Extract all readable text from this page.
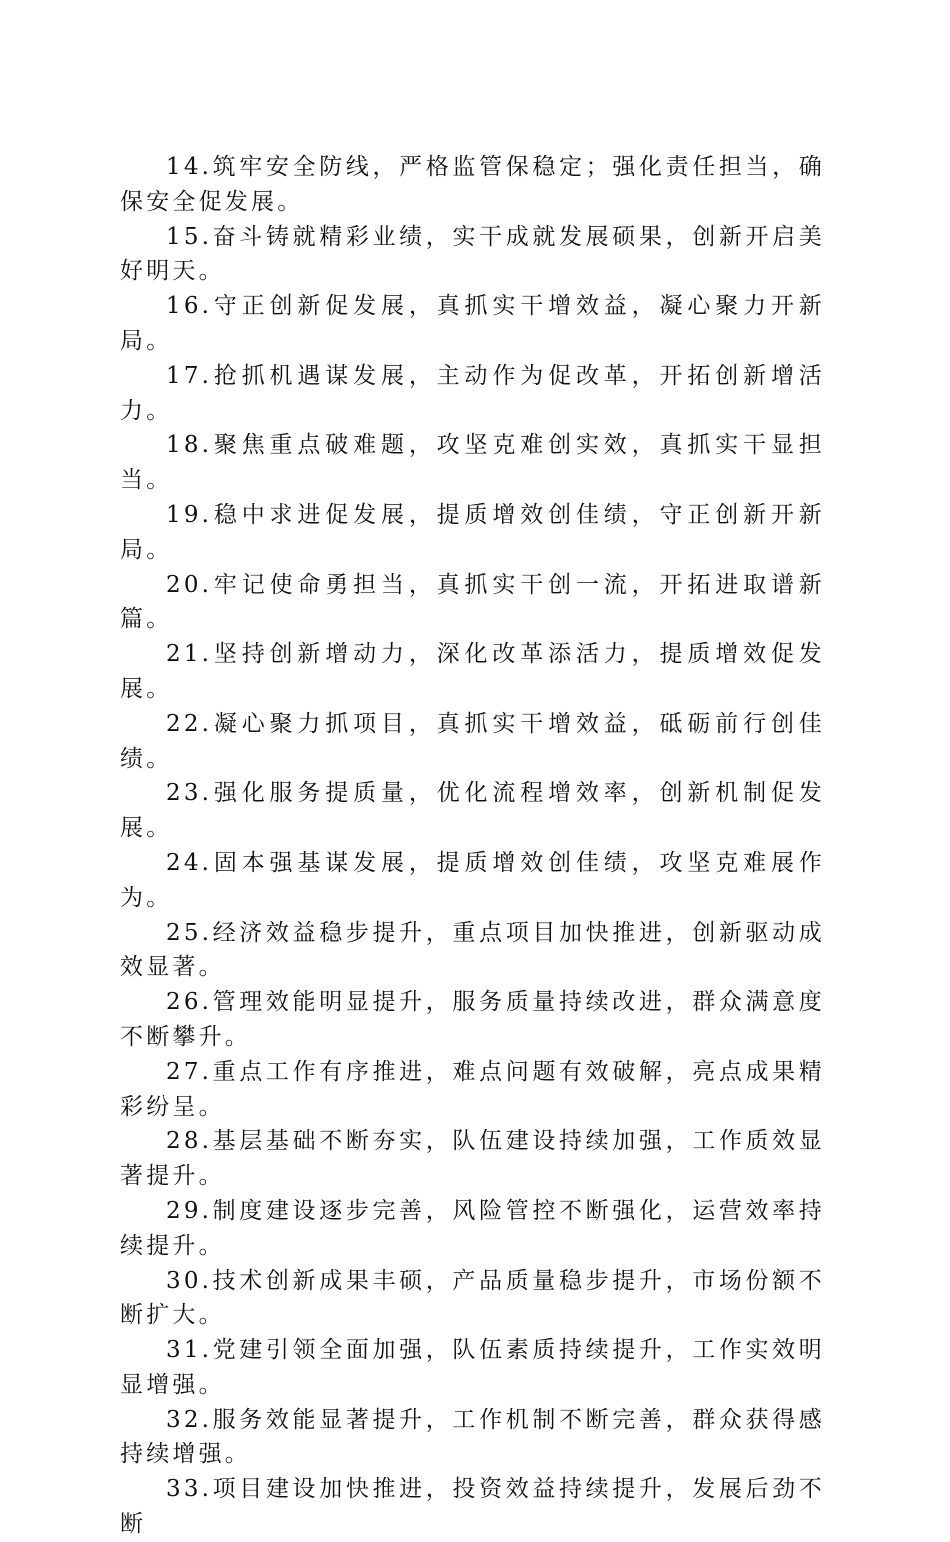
14.筑牢安全防线，严格监管保稳定；强化责任担当，确保安全促发展。

15.奋斗铸就精彩业绩，实干成就发展硕果，创新开启美好明天。

16.守正创新促发展，真抓实干增效益，凝心聚力开新局。

17.抢抓机遇谋发展，主动作为促改革，开拓创新增活力。

18.聚焦重点破难题，攻坚克难创实效，真抓实干显担当。

19.稳中求进促发展，提质增效创佳绩，守正创新开新局。

20.牢记使命勇担当，真抓实干创一流，开拓进取谱新篇。

21.坚持创新增动力，深化改革添活力，提质增效促发展。

22.凝心聚力抓项目，真抓实干增效益，砥砺前行创佳绩。

23.强化服务提质量，优化流程增效率，创新机制促发展。

24.固本强基谋发展，提质增效创佳绩，攻坚克难展作为。

25.经济效益稳步提升，重点项目加快推进，创新驱动成效显著。

26.管理效能明显提升，服务质量持续改进，群众满意度不断攀升。

27.重点工作有序推进，难点问题有效破解，亮点成果精彩纷呈。

28.基层基础不断夯实，队伍建设持续加强，工作质效显著提升。

29.制度建设逐步完善，风险管控不断强化，运营效率持续提升。

30.技术创新成果丰硕，产品质量稳步提升，市场份额不断扩大。

31.党建引领全面加强，队伍素质持续提升，工作实效明显增强。

32.服务效能显著提升，工作机制不断完善，群众获得感持续增强。

33.项目建设加快推进，投资效益持续提升，发展后劲不断
